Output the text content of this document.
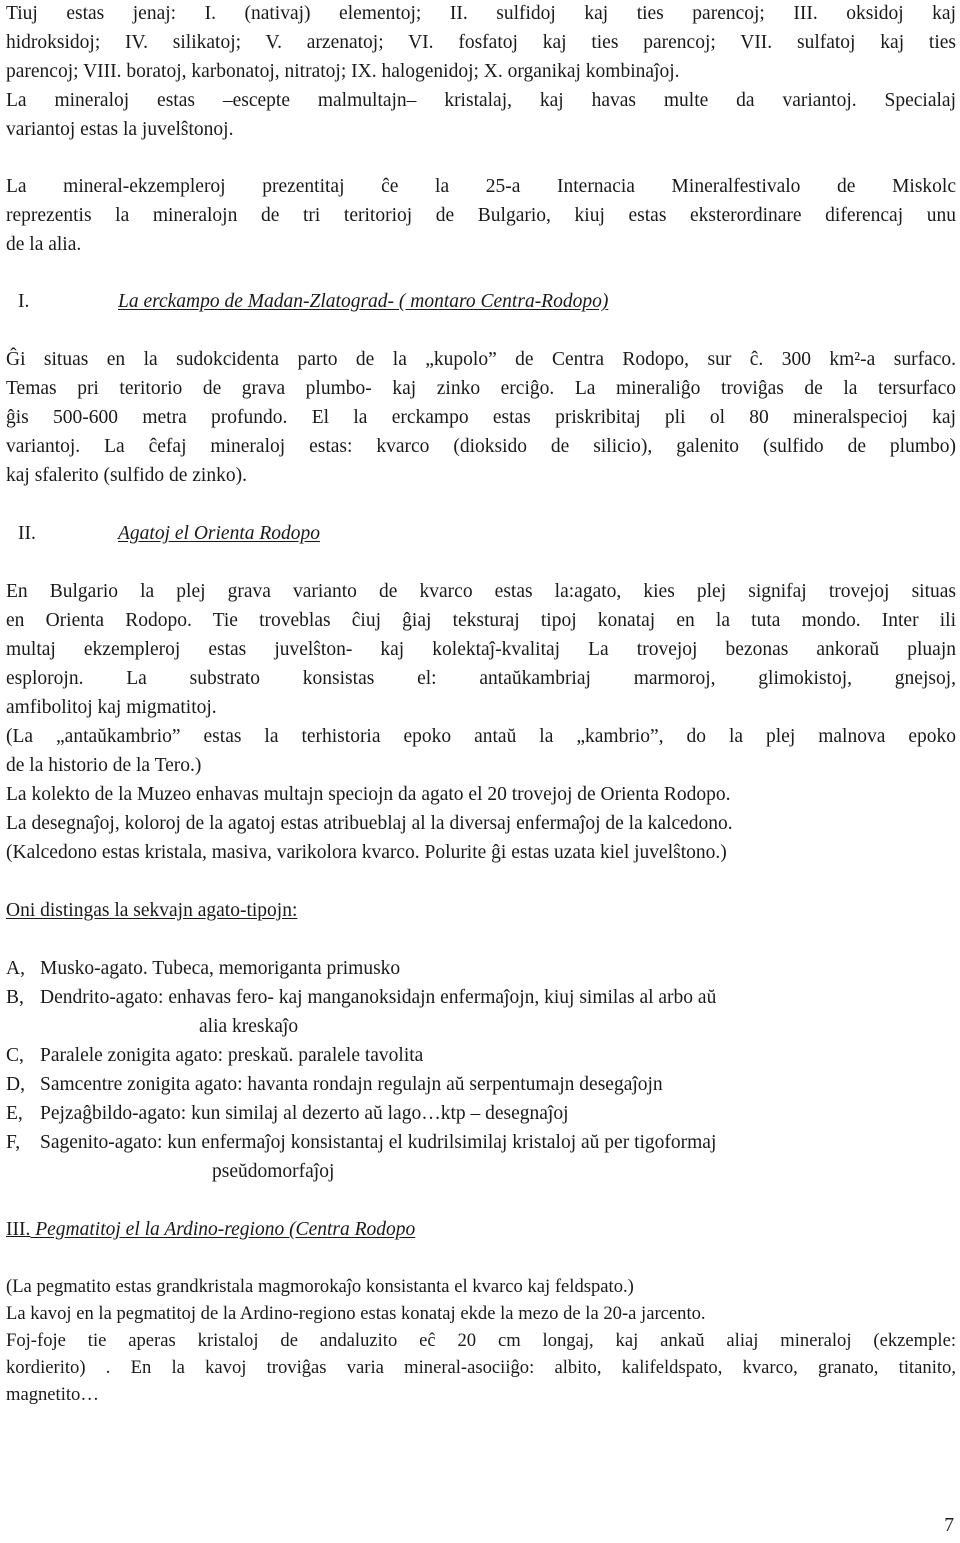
Tiuj estas jenaj: I. (nativaj) elementoj; II. sulfidoj kaj ties parencoj; III. oksidoj kaj
hidroksidoj; IV. silikatoj; V. arzenatoj; VI. fosfatoj kaj ties parencoj; VII. sulfatoj kaj ties
parencoj; VIII. boratoj, karbonatoj, nitratoj; IX. halogenidoj; X. organikaj kombinaĵoj.
La mineraloj estas –escepte malmultajn– kristalaj, kaj havas multe da variantoj. Specialaj
variantoj estas la juvelŝtonoj.
La mineral-ekzempleroj prezentitaj ĉe la 25-a Internacia Mineralfestivalo de Miskolc
reprezentis la mineralojn de tri teritorioj de Bulgario, kiuj estas eksterordinare diferencaj unu
de la alia.
I.	La erckampo de Madan-Zlatograd- ( montaro Centra-Rodopo)
Ĝi situas en la sudokcidenta parto de la „kupolo” de Centra Rodopo, sur ĉ. 300 km²-a surfaco.
Temas pri teritorio de grava plumbo- kaj zinko erciĝo. La mineraliĝo troviĝas de la tersurfaco
ĝis 500-600 metra profundo. El la erckampo estas priskribitaj pli ol 80 mineralspecioj kaj
variantoj. La ĉefaj mineraloj estas: kvarco (dioksido de silicio), galenito (sulfido de plumbo)
kaj sfalerito (sulfido de zinko).
II.	Agatoj el Orienta Rodopo
En Bulgario la plej grava varianto de kvarco estas la:agato, kies plej signifaj trovejoj situas
en Orienta Rodopo. Tie troveblas ĉiuj ĝiaj teksturaj tipoj konataj en la tuta mondo. Inter ili
multaj ekzempleroj estas juvelŝton- kaj kolektaĵ-kvalitaj La trovejoj bezonas ankoraŭ pluajn
esplorojn. La substrato konsistas el: antaŭkambriaj marmoroj, glimokistoj, gnejsoj,
amfibolitoj kaj migmatitoj.
(La „antaŭkambrio” estas la terhistoria epoko antaŭ la „kambrio”, do la plej malnova epoko
de la historio de la Tero.)
La kolekto de la Muzeo enhavas multajn speciojn da agato el 20 trovejoj de Orienta Rodopo.
La desegnaĵoj, koloroj de la agatoj estas atribueblaj al la diversaj enfermaĵoj de la kalcedono.
(Kalcedono estas kristala, masiva, varikolora kvarco. Polurite ĝi estas uzata kiel juvelŝtono.)
Oni distingas la sekvajn agato-tipojn:
A, Musko-agato. Tubeca, memoriganta primusko
B, Dendrito-agato: enhavas fero- kaj manganoksidajn enfermaĵojn, kiuj similas al arbo aŭ
alia kreskaĵo
C, Paralele zonigita agato: preskaŭ. paralele tavolita
D, Samcentre zonigita agato: havanta rondajn regulajn aŭ serpentumajn desegaĵojn
E, Pejzaĝbildo-agato: kun similaj al dezerto aŭ lago…ktp – desegnaĵoj
F, Sagenito-agato: kun enfermaĵoj konsistantaj el kudrilsimilaj kristaloj aŭ per tigoformaj
pseŭdomorfaĵoj
III. Pegmatitoj el la Ardino-regiono (Centra Rodopo
(La pegmatito estas grandkristala magmorokaĵo konsistanta el kvarco kaj feldspato.)
La kavoj en la pegmatitoj de la Ardino-regiono estas konataj ekde la mezo de la 20-a jarcento.
Foj-foje tie aperas kristaloj de andaluzito eĉ 20 cm longaj, kaj ankaŭ aliaj mineraloj (ekzemple:
kordierito) . En la kavoj troviĝas varia mineral-asociiĝo: albito, kalifeldspato, kvarco, granato, titanito,
magnetito…
7
